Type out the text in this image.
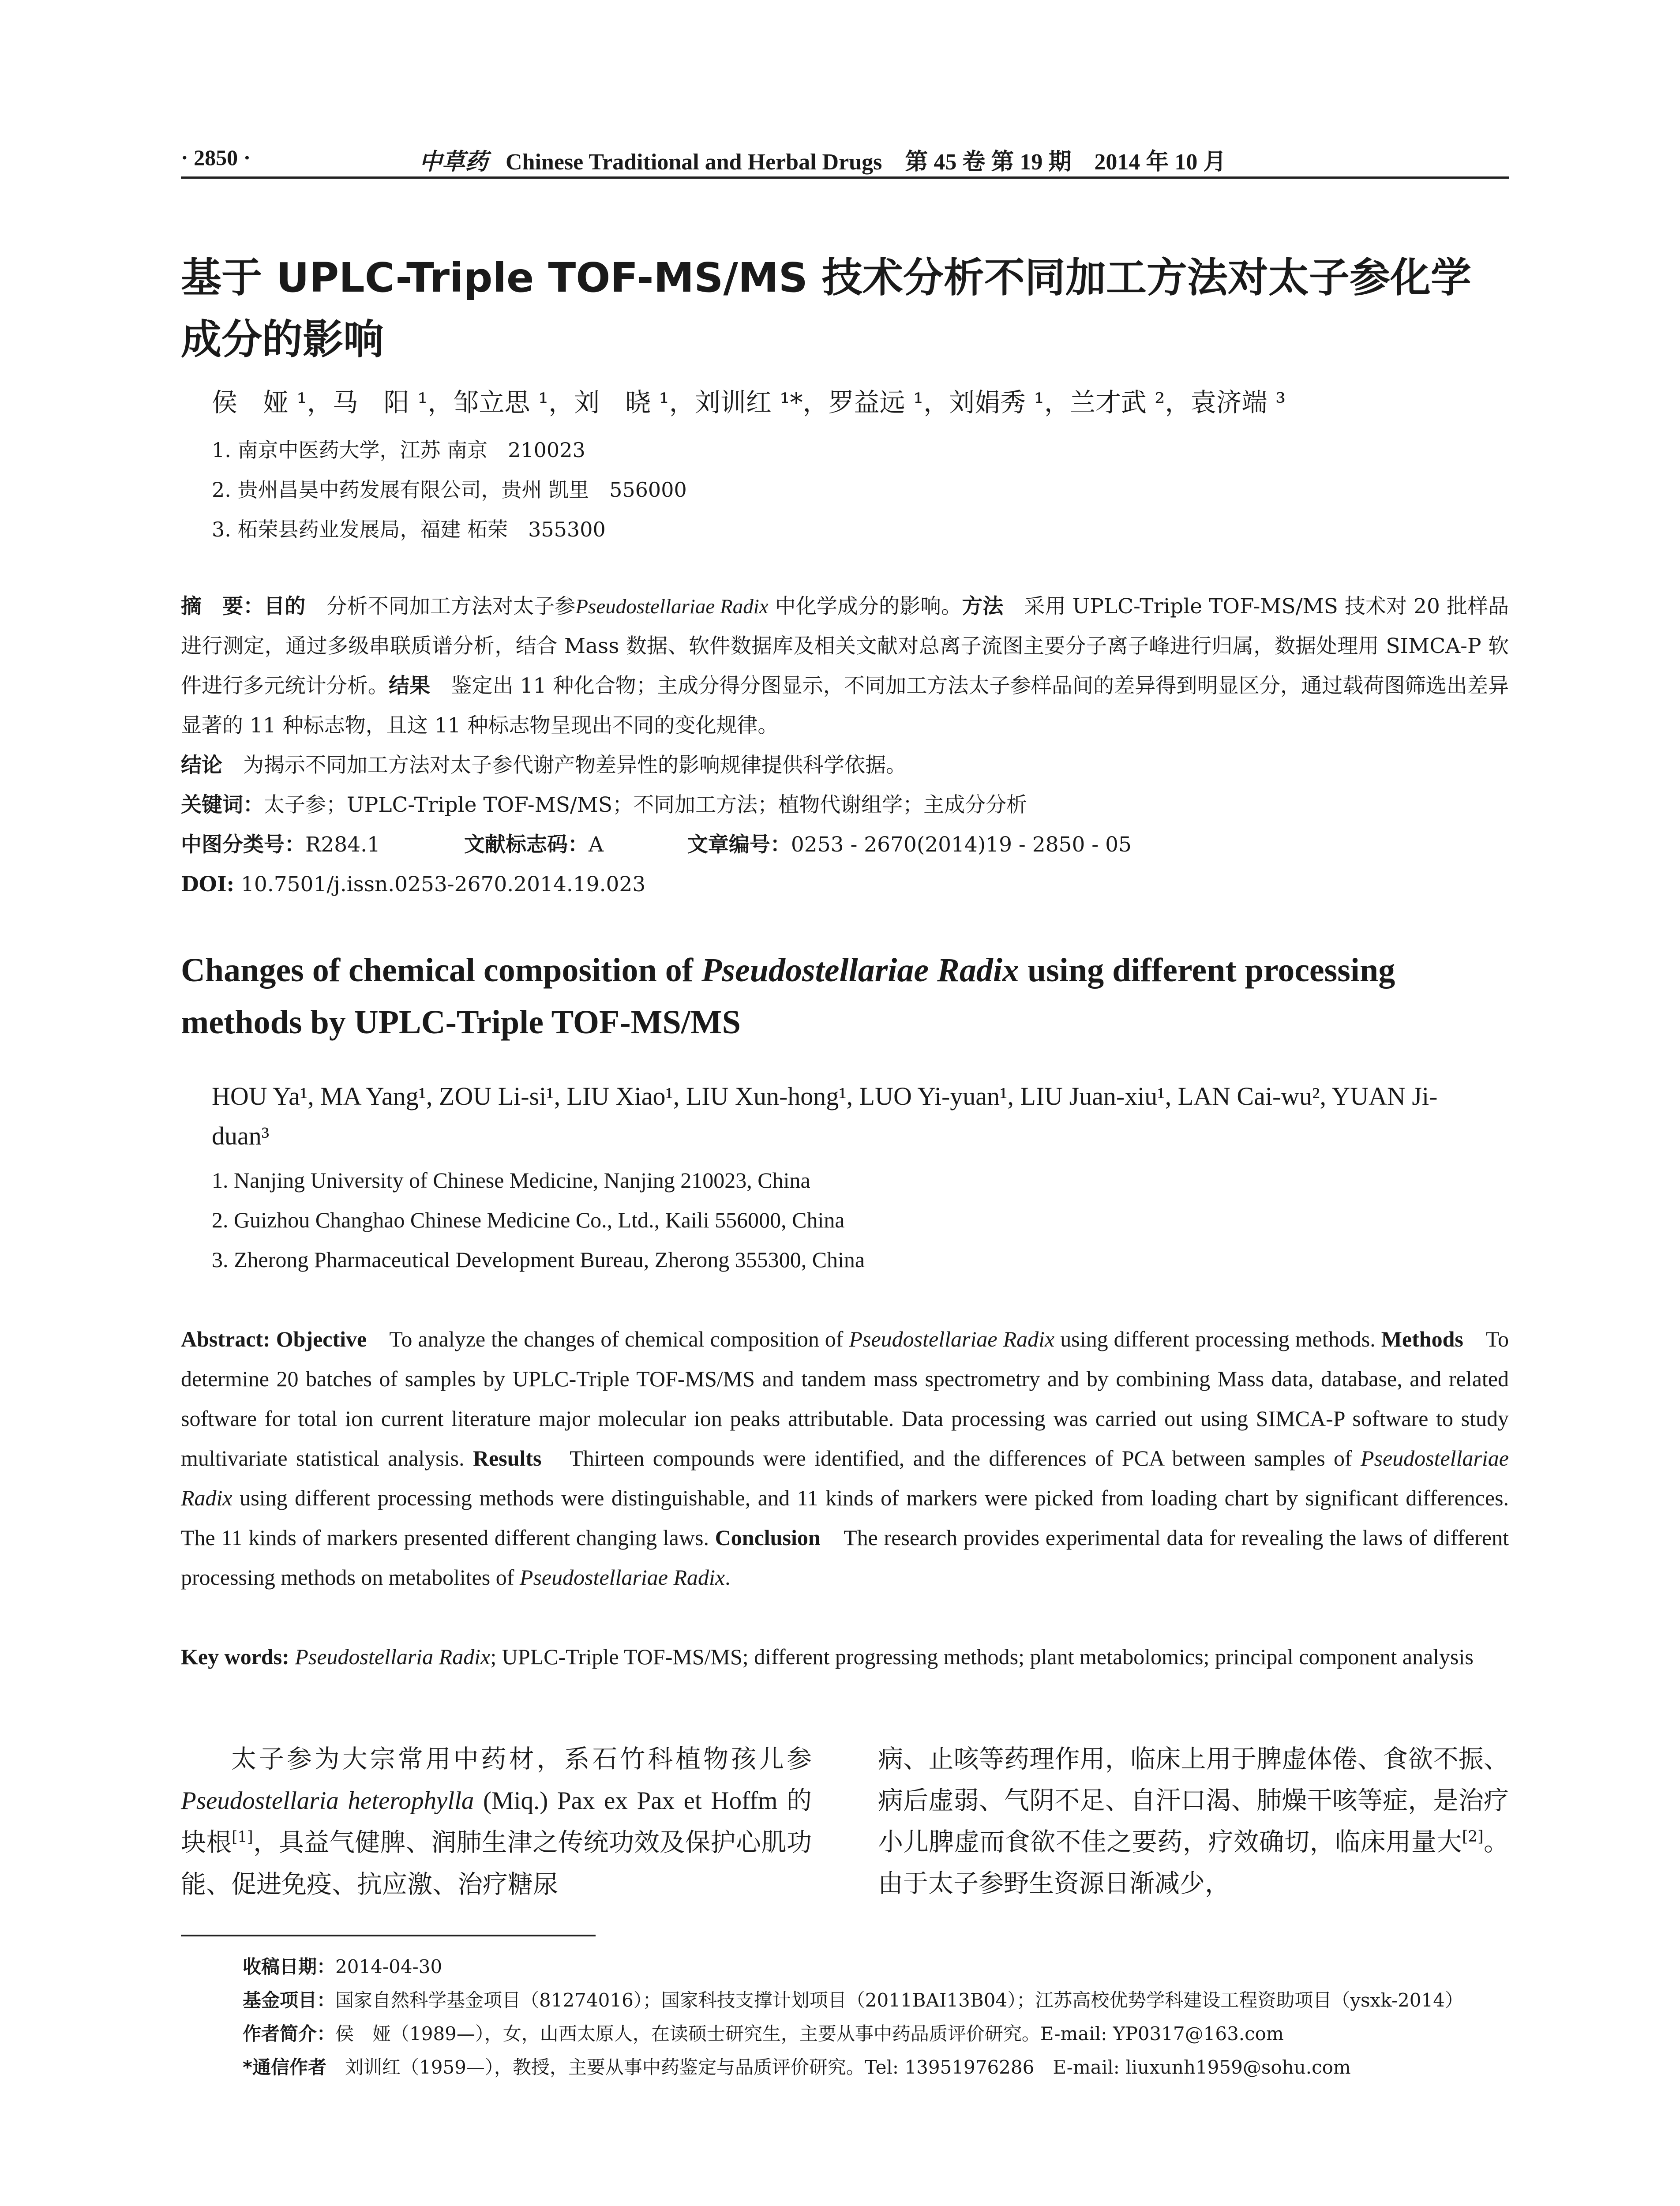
· 2850 ·	中草药 Chinese Traditional and Herbal Drugs　第 45 卷 第 19 期　2014 年 10 月
基于 UPLC-Triple TOF-MS/MS 技术分析不同加工方法对太子参化学成分的影响
侯　娅 ¹，马　阳 ¹，邹立思 ¹，刘　晓 ¹，刘训红 ¹*，罗益远 ¹，刘娟秀 ¹，兰才武 ²，袁济端 ³
1. 南京中医药大学，江苏 南京　210023
2. 贵州昌昊中药发展有限公司，贵州 凯里　556000
3. 柘荣县药业发展局，福建 柘荣　355300
摘　要：目的　分析不同加工方法对太子参Pseudostellariae Radix 中化学成分的影响。方法　采用 UPLC-Triple TOF-MS/MS 技术对 20 批样品进行测定，通过多级串联质谱分析，结合 Mass 数据、软件数据库及相关文献对总离子流图主要分子离子峰进行归属，数据处理用 SIMCA-P 软件进行多元统计分析。结果　鉴定出 11 种化合物；主成分得分图显示，不同加工方法太子参样品间的差异得到明显区分，通过载荷图筛选出差异显著的 11 种标志物，且这 11 种标志物呈现出不同的变化规律。
结论　为揭示不同加工方法对太子参代谢产物差异性的影响规律提供科学依据。
关键词：太子参；UPLC-Triple TOF-MS/MS；不同加工方法；植物代谢组学；主成分分析
中图分类号：R284.1	文献标志码：A	文章编号：0253 - 2670(2014)19 - 2850 - 05
DOI: 10.7501/j.issn.0253-2670.2014.19.023
Changes of chemical composition of Pseudostellariae Radix using different processing methods by UPLC-Triple TOF-MS/MS
HOU Ya¹, MA Yang¹, ZOU Li-si¹, LIU Xiao¹, LIU Xun-hong¹, LUO Yi-yuan¹, LIU Juan-xiu¹, LAN Cai-wu², YUAN Ji-duan³
1. Nanjing University of Chinese Medicine, Nanjing 210023, China
2. Guizhou Changhao Chinese Medicine Co., Ltd., Kaili 556000, China
3. Zherong Pharmaceutical Development Bureau, Zherong 355300, China
Abstract: Objective　To analyze the changes of chemical composition of Pseudostellariae Radix using different processing methods. Methods　To determine 20 batches of samples by UPLC-Triple TOF-MS/MS and tandem mass spectrometry and by combining Mass data, database, and related software for total ion current literature major molecular ion peaks attributable. Data processing was carried out using SIMCA-P software to study multivariate statistical analysis. Results　Thirteen compounds were identified, and the differences of PCA between samples of Pseudostellariae Radix using different processing methods were distinguishable, and 11 kinds of markers were picked from loading chart by significant differences. The 11 kinds of markers presented different changing laws. Conclusion　The research provides experimental data for revealing the laws of different processing methods on metabolites of Pseudostellariae Radix.
Key words: Pseudostellaria Radix; UPLC-Triple TOF-MS/MS; different progressing methods; plant metabolomics; principal component analysis
太子参为大宗常用中药材，系石竹科植物孩儿参 Pseudostellaria heterophylla (Miq.) Pax ex Pax et Hoffm 的块根[1]，具益气健脾、润肺生津之传统功效及保护心肌功能、促进免疫、抗应激、治疗糖尿
病、止咳等药理作用，临床上用于脾虚体倦、食欲不振、病后虚弱、气阴不足、自汗口渴、肺燥干咳等症，是治疗小儿脾虚而食欲不佳之要药，疗效确切，临床用量大[2]。由于太子参野生资源日渐减少，
收稿日期：2014-04-30
基金项目：国家自然科学基金项目（81274016）；国家科技支撑计划项目（2011BAI13B04）；江苏高校优势学科建设工程资助项目（ysxk-2014）
作者简介：侯　娅（1989—），女，山西太原人，在读硕士研究生，主要从事中药品质评价研究。E-mail: YP0317@163.com
*通信作者　刘训红（1959—），教授，主要从事中药鉴定与品质评价研究。Tel: 13951976286　E-mail: liuxunh1959@sohu.com
